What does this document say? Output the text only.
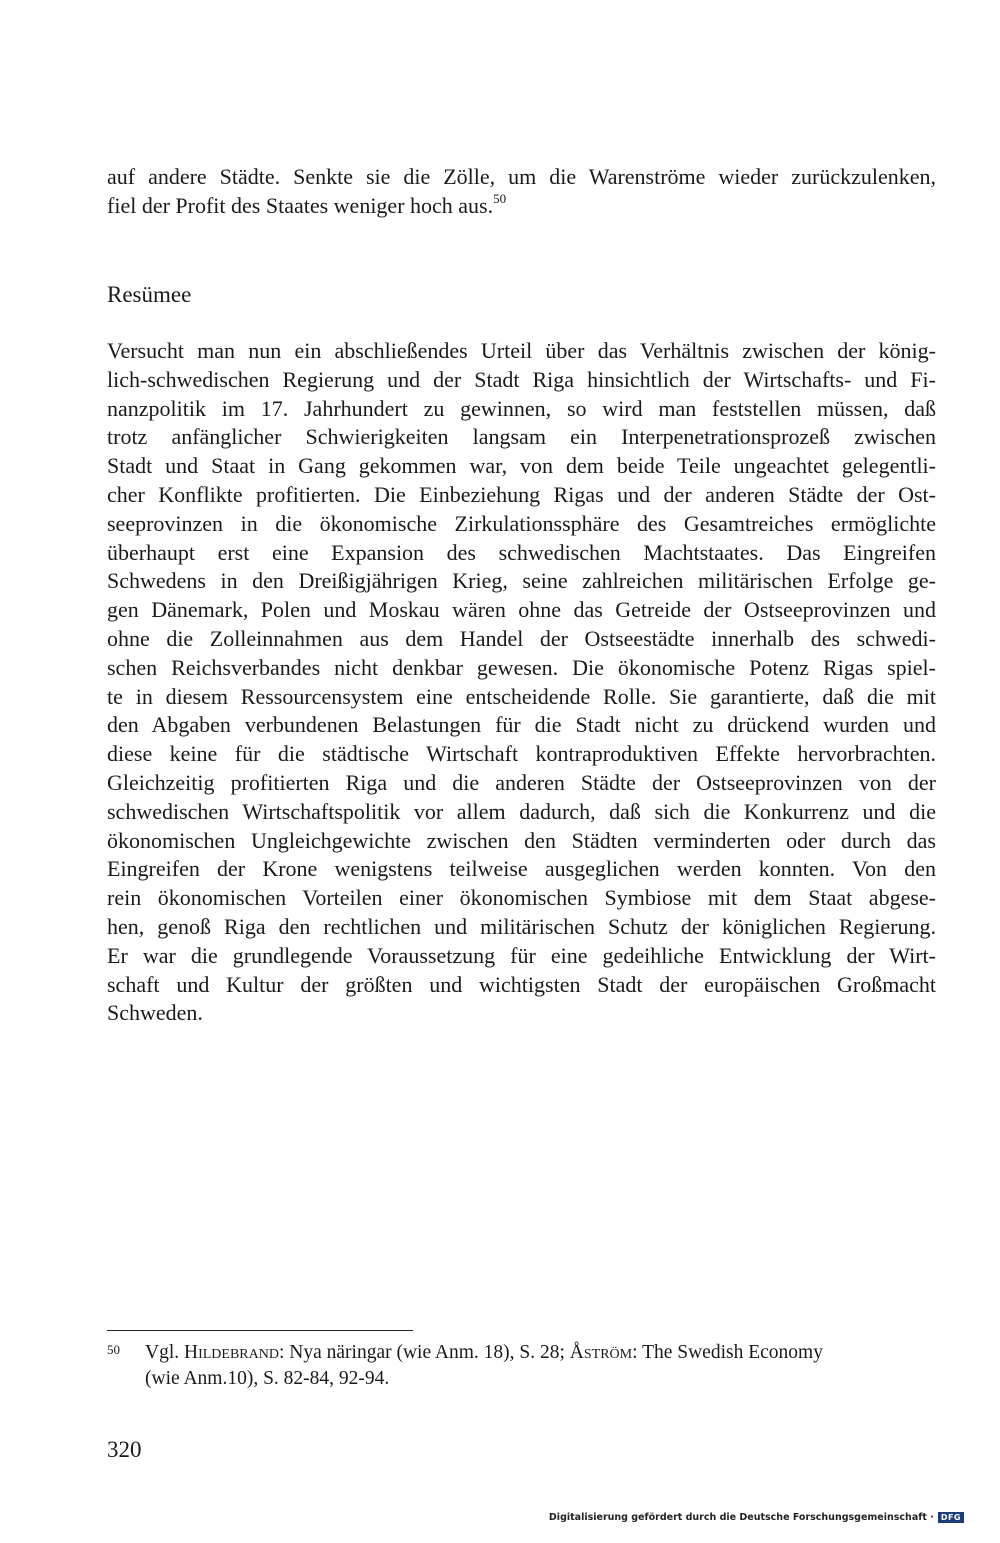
auf andere Städte. Senkte sie die Zölle, um die Warenströme wieder zurückzulenken,
fiel der Profit des Staates weniger hoch aus.$^{50}$
Resümee
Versucht man nun ein abschließendes Urteil über das Verhältnis zwischen der könig-
lich-schwedischen Regierung und der Stadt Riga hinsichtlich der Wirtschafts- und Fi-
nanzpolitik im 17. Jahrhundert zu gewinnen, so wird man feststellen müssen, daß
trotz anfänglicher Schwierigkeiten langsam ein Interpenetrationsprozeß zwischen
Stadt und Staat in Gang gekommen war, von dem beide Teile ungeachtet gelegentli-
cher Konflikte profitierten. Die Einbeziehung Rigas und der anderen Städte der Ost-
seeprovinzen in die ökonomische Zirkulationssphäre des Gesamtreiches ermöglichte
überhaupt erst eine Expansion des schwedischen Machtstaates. Das Eingreifen
Schwedens in den Dreißigjährigen Krieg, seine zahlreichen militärischen Erfolge ge-
gen Dänemark, Polen und Moskau wären ohne das Getreide der Ostseeprovinzen und
ohne die Zolleinnahmen aus dem Handel der Ostseestädte innerhalb des schwedi-
schen Reichsverbandes nicht denkbar gewesen. Die ökonomische Potenz Rigas spiel-
te in diesem Ressourcensystem eine entscheidende Rolle. Sie garantierte, daß die mit
den Abgaben verbundenen Belastungen für die Stadt nicht zu drückend wurden und
diese keine für die städtische Wirtschaft kontraproduktiven Effekte hervorbrachten.
Gleichzeitig profitierten Riga und die anderen Städte der Ostseeprovinzen von der
schwedischen Wirtschaftspolitik vor allem dadurch, daß sich die Konkurrenz und die
ökonomischen Ungleichgewichte zwischen den Städten verminderten oder durch das
Eingreifen der Krone wenigstens teilweise ausgeglichen werden konnten. Von den
rein ökonomischen Vorteilen einer ökonomischen Symbiose mit dem Staat abgese-
hen, genoß Riga den rechtlichen und militärischen Schutz der königlichen Regierung.
Er war die grundlegende Voraussetzung für eine gedeihliche Entwicklung der Wirt-
schaft und Kultur der größten und wichtigsten Stadt der europäischen Großmacht
Schweden.
50 Vgl. Hildebrand: Nya näringar (wie Anm. 18), S. 28; Åström: The Swedish Economy
(wie Anm.10), S. 82-84, 92-94.
320
Digitalisierung gefördert durch die Deutsche Forschungsgemeinschaft · DFG
